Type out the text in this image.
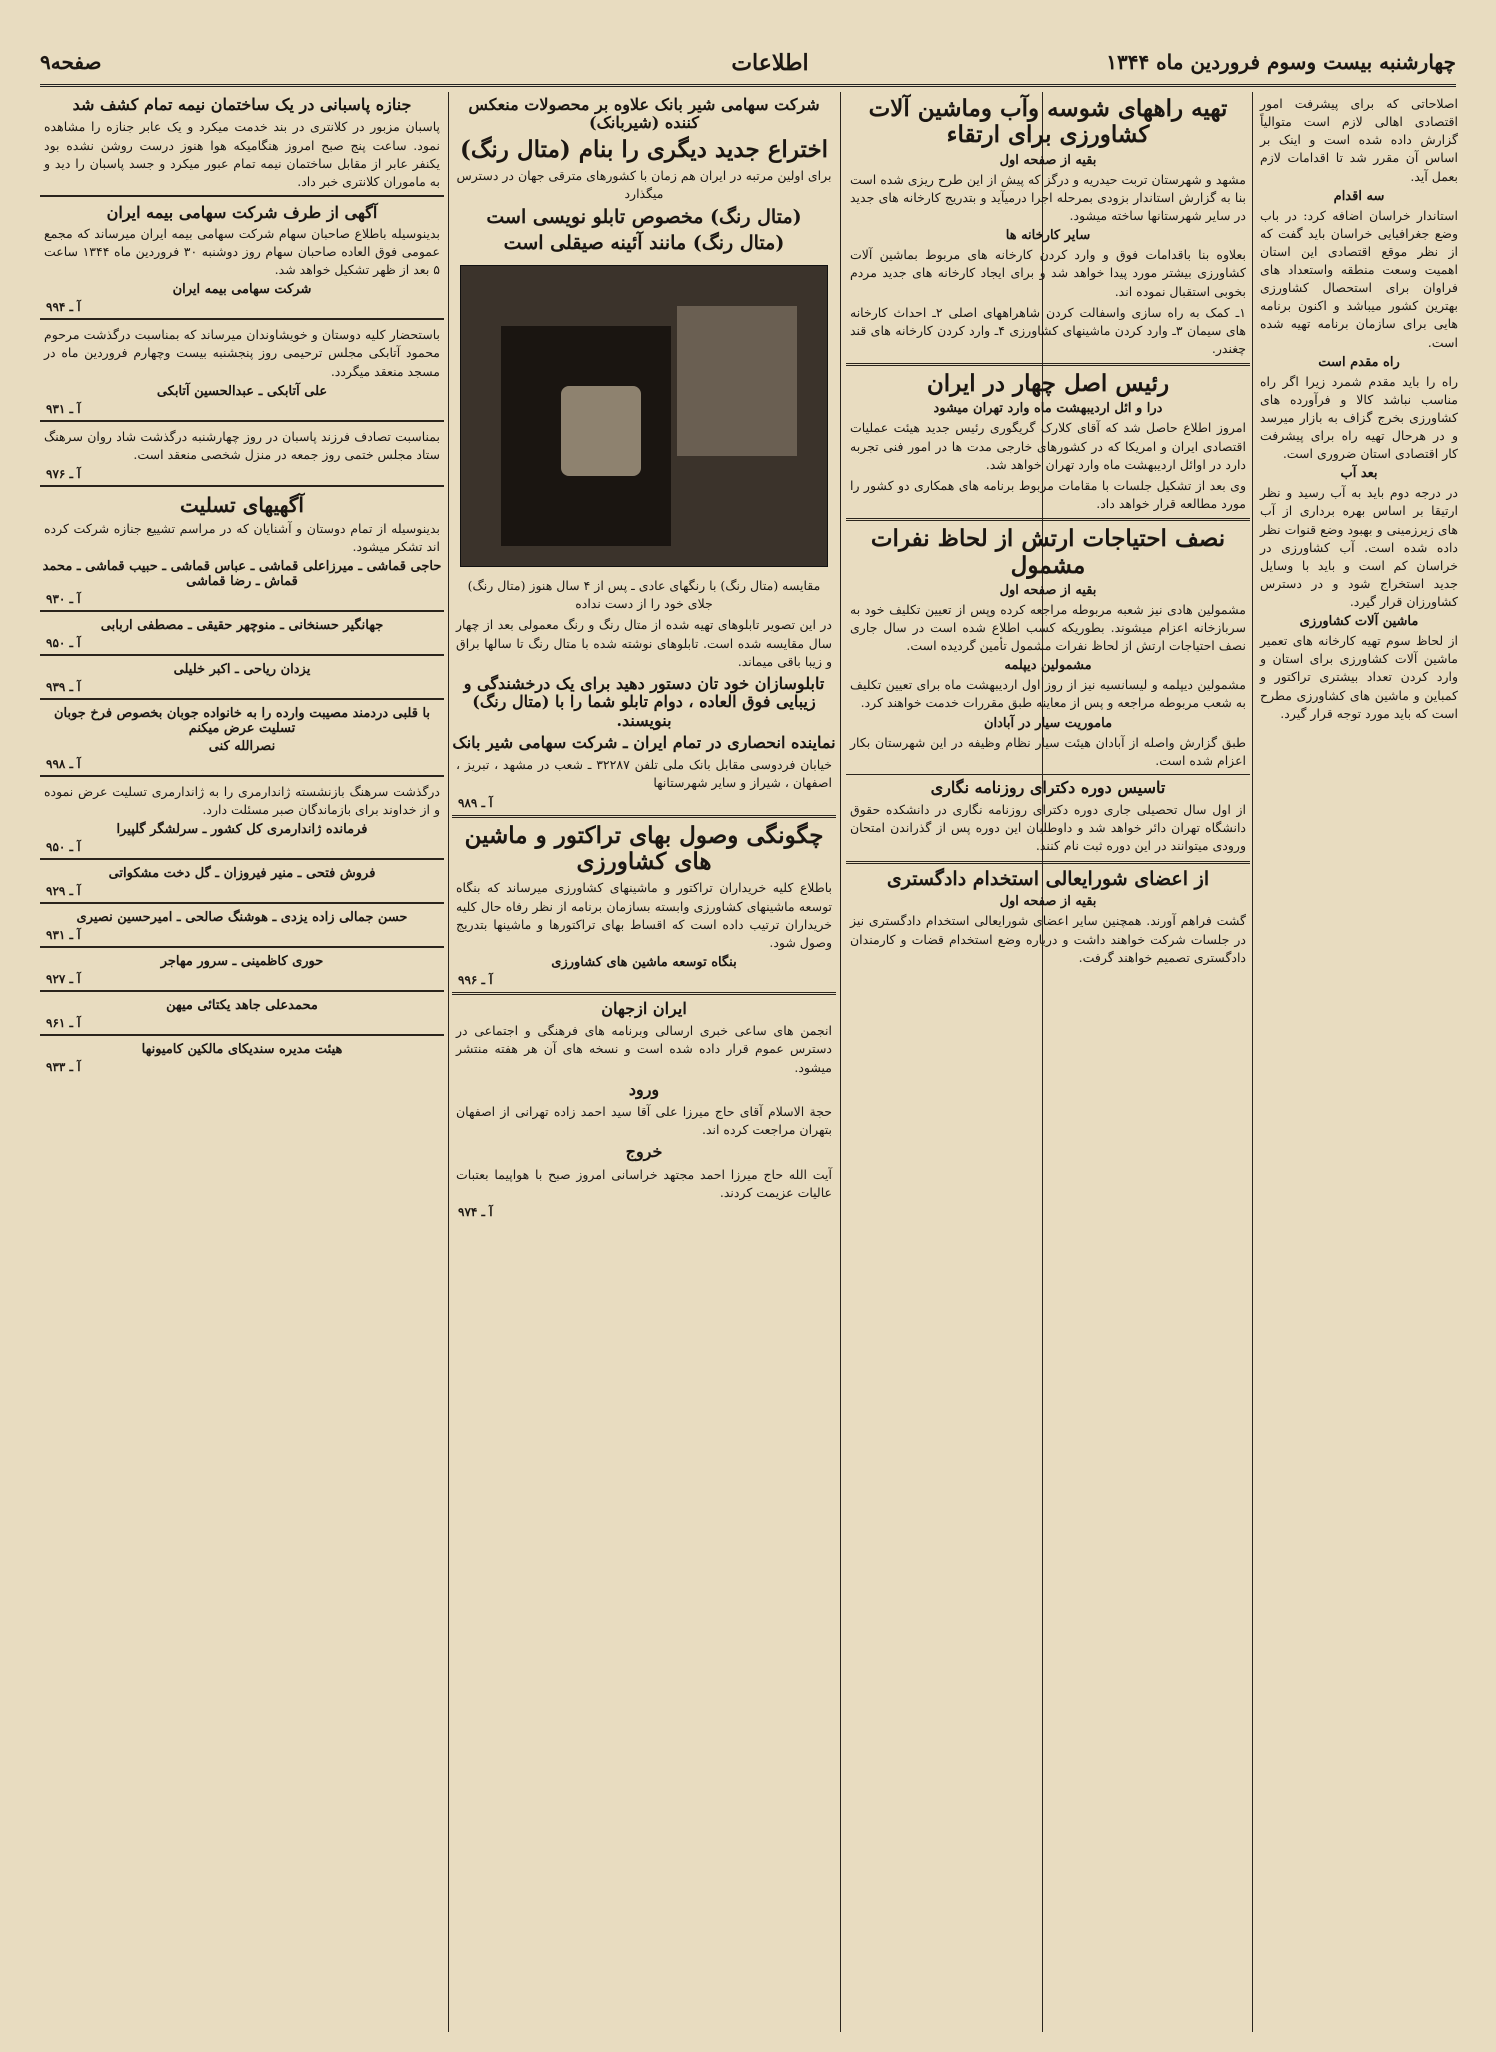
چهارشنبه بیست وسوم فروردین ماه ۱۳۴۴
اطلاعات
صفحه۹
اصلاحاتی که برای پیشرفت امور اقتصادی اهالی لازم است متوالیاً گزارش داده شده است و اینک بر اساس آن مقرر شد تا اقدامات لازم بعمل آید.
سه اقدام
استاندار خراسان اضافه کرد: در باب وضع جغرافیایی خراسان باید گفت که از نظر موقع اقتصادی این استان اهمیت وسعت منطقه واستعداد های فراوان برای استحصال کشاورزی بهترین کشور میباشد و اکنون برنامه هایی برای سازمان برنامه تهیه شده است.
راه مقدم است
راه را باید مقدم شمرد زیرا اگر راه مناسب نباشد کالا و فرآورده های کشاورزی بخرج گزاف به بازار میرسد و در هرحال تهیه راه برای پیشرفت کار اقتصادی استان ضروری است.
بعد آب
در درجه دوم باید به آب رسید و نظر ارتیقا بر اساس بهره برداری از آب های زیرزمینی و بهبود وضع قنوات نظر داده شده است. آب کشاورزی در خراسان کم است و باید با وسایل جدید استخراج شود و در دسترس کشاورزان قرار گیرد.
ماشین آلات کشاورزی
از لحاظ سوم تهیه کارخانه های تعمیر ماشین آلات کشاورزی برای استان و وارد کردن تعداد بیشتری تراکتور و کمباین و ماشین های کشاورزی مطرح است که باید مورد توجه قرار گیرد.
تهیه راههای شوسه وآب وماشین آلات کشاورزی برای ارتقاء
بقیه از صفحه اول
مشهد و شهرستان تربت حیدریه و درگز که پیش از این طرح ریزی شده است بنا به گزارش استاندار بزودی بمرحله اجرا درمیآید و بتدریج کارخانه های جدید در سایر شهرستانها ساخته میشود.
سایر کارخانه ها
بعلاوه بنا باقدامات فوق و وارد کردن کارخانه های مربوط بماشین آلات کشاورزی بیشتر مورد پیدا خواهد شد و برای ایجاد کارخانه های جدید مردم بخوبی استقبال نموده اند.
۱ـ کمک به راه سازی واسفالت کردن شاهراههای اصلی ۲ـ احداث کارخانه های سیمان ۳ـ وارد کردن ماشینهای کشاورزی ۴ـ وارد کردن کارخانه های قند چغندر.
رئیس اصل چهار در ایران
درا و ائل اردیبهشت ماه وارد تهران میشود
امروز اطلاع حاصل شد که آقای کلارک گریگوری رئیس جدید هیئت عملیات اقتصادی ایران و امریکا که در کشورهای خارجی مدت ها در امور فنی تجربه دارد در اوائل اردیبهشت ماه وارد تهران خواهد شد.
وی بعد از تشکیل جلسات با مقامات مربوط برنامه های همکاری دو کشور را مورد مطالعه قرار خواهد داد.
نصف احتیاجات ارتش از لحاظ نفرات مشمول
بقیه از صفحه اول
مشمولین هادی نیز شعبه مربوطه مراجعه کرده وپس از تعیین تکلیف خود به سربازخانه اعزام میشوند. بطوریکه کسب اطلاع شده است در سال جاری نصف احتیاجات ارتش از لحاظ نفرات مشمول تأمین گردیده است.
مشمولین دیپلمه
مشمولین دیپلمه و لیسانسیه نیز از روز اول اردیبهشت ماه برای تعیین تکلیف به شعب مربوطه مراجعه و پس از معاینه طبق مقررات خدمت خواهند کرد.
ماموریت سیار در آبادان
طبق گزارش واصله از آبادان هیئت سیار نظام وظیفه در این شهرستان بکار اعزام شده است.
تاسیس دوره دکترای روزنامه نگاری
از اول سال تحصیلی جاری دوره دکترای روزنامه نگاری در دانشکده حقوق دانشگاه تهران دائر خواهد شد و داوطلبان این دوره پس از گذراندن امتحان ورودی میتوانند در این دوره ثبت نام کنند.
از اعضای شورایعالی استخدام دادگستری
بقیه از صفحه اول
گشت فراهم آورند. همچنین سایر اعضای شورایعالی استخدام دادگستری نیز در جلسات شرکت خواهند داشت و درباره وضع استخدام قضات و کارمندان دادگستری تصمیم خواهند گرفت.
شرکت سهامی شیر بانک علاوه بر محصولات منعکس کننده (شیربانک)
اختراع جدید دیگری را بنام (متال رنگ)
برای اولین مرتبه در ایران هم زمان با کشورهای مترقی جهان در دسترس میگذارد
(متال رنگ) مخصوص تابلو نویسی است
(متال رنگ) مانند آئینه صیقلی است
مقایسه (متال رنگ) با رنگهای عادی ـ پس از ۴ سال هنوز (متال رنگ) جلای خود را از دست نداده
در این تصویر تابلوهای تهیه شده از متال رنگ و رنگ معمولی بعد از چهار سال مقایسه شده است. تابلوهای نوشته شده با متال رنگ تا سالها براق و زیبا باقی میماند.
تابلوسازان خود تان دستور دهید برای یک درخشندگی و زیبایی فوق العاده ، دوام تابلو شما را با (متال رنگ) بنویسند.
نماینده انحصاری در تمام ایران ـ شرکت سهامی شیر بانک
خیابان فردوسی مقابل بانک ملی تلفن ۳۲۲۸۷ ـ شعب در مشهد ، تبریز ، اصفهان ، شیراز و سایر شهرستانها
آ ـ ۹۸۹
چگونگی وصول بهای تراکتور و ماشین های کشاورزی
باطلاع کلیه خریداران تراکتور و ماشینهای کشاورزی میرساند که بنگاه توسعه ماشینهای کشاورزی وابسته بسازمان برنامه از نظر رفاه حال کلیه خریداران ترتیب داده است که اقساط بهای تراکتورها و ماشینها بتدریج وصول شود.
بنگاه توسعه ماشین های کشاورزی
آ ـ ۹۹۶
ایران ازجهان
انجمن های ساعی خبری ارسالی وبرنامه های فرهنگی و اجتماعی در دسترس عموم قرار داده شده است و نسخه های آن هر هفته منتشر میشود.
ورود
حجة الاسلام آقای حاج میرزا علی آقا سید احمد زاده تهرانی از اصفهان بتهران مراجعت کرده اند.
خروج
آیت الله حاج میرزا احمد مجتهد خراسانی امروز صبح با هواپیما بعتبات عالیات عزیمت کردند.
آ ـ ۹۷۴
جنازه پاسبانی در یک ساختمان نیمه تمام کشف شد
پاسبان مزبور در کلانتری در بند خدمت میکرد و یک عابر جنازه را مشاهده نمود. ساعت پنج صبح امروز هنگامیکه هوا هنوز درست روشن نشده بود یکنفر عابر از مقابل ساختمان نیمه تمام عبور میکرد و جسد پاسبان را دید و به ماموران کلانتری خبر داد.
آگهی از طرف شرکت سهامی بیمه ایران
بدینوسیله باطلاع صاحبان سهام شرکت سهامی بیمه ایران میرساند که مجمع عمومی فوق العاده صاحبان سهام روز دوشنبه ۳۰ فروردین ماه ۱۳۴۴ ساعت ۵ بعد از ظهر تشکیل خواهد شد.
شرکت سهامی بیمه ایران
آ ـ ۹۹۴
باستحضار کلیه دوستان و خویشاوندان میرساند که بمناسبت درگذشت مرحوم محمود آتابکی مجلس ترحیمی روز پنجشنبه بیست وچهارم فروردین ماه در مسجد منعقد میگردد.
علی آتابکی ـ عبدالحسین آتابکی
آ ـ ۹۳۱
بمناسبت تصادف فرزند پاسبان در روز چهارشنبه درگذشت شاد روان سرهنگ ستاد مجلس ختمی روز جمعه در منزل شخصی منعقد است.
آ ـ ۹۷۶
آگهیهای تسلیت
بدینوسیله از تمام دوستان و آشنایان که در مراسم تشییع جنازه شرکت کرده اند تشکر میشود.
حاجی قماشی ـ میرزاعلی قماشی ـ عباس قماشی ـ حبیب قماشی ـ محمد قماش ـ رضا قماشی
آ ـ ۹۳۰
جهانگیر حسنخانی ـ منوچهر حقیقی ـ مصطفی اربابی
آ ـ ۹۵۰
یزدان ریاحی ـ اکبر خلیلی
آ ـ ۹۳۹
با قلبی دردمند مصیبت وارده را به خانواده جوبان بخصوص فرخ جوبان تسلیت عرض میکنم
نصرالله کنی
آ ـ ۹۹۸
درگذشت سرهنگ بازنشسته ژاندارمری را به ژاندارمری تسلیت عرض نموده و از خداوند برای بازماندگان صبر مسئلت دارد.
فرمانده ژاندارمری کل کشور ـ سرلشگر گلپیرا
آ ـ ۹۵۰
فروش فتحی ـ منیر فیروزان ـ گل دخت مشکواتی
آ ـ ۹۲۹
حسن جمالی زاده یزدی ـ هوشنگ صالحی ـ امیرحسین نصیری
آ ـ ۹۳۱
حوری کاظمینی ـ سرور مهاجر
آ ـ ۹۲۷
محمدعلی جاهد یکتائی میهن
آ ـ ۹۶۱
هیئت مدیره سندیکای مالکین کامیونها
آ ـ ۹۳۳
